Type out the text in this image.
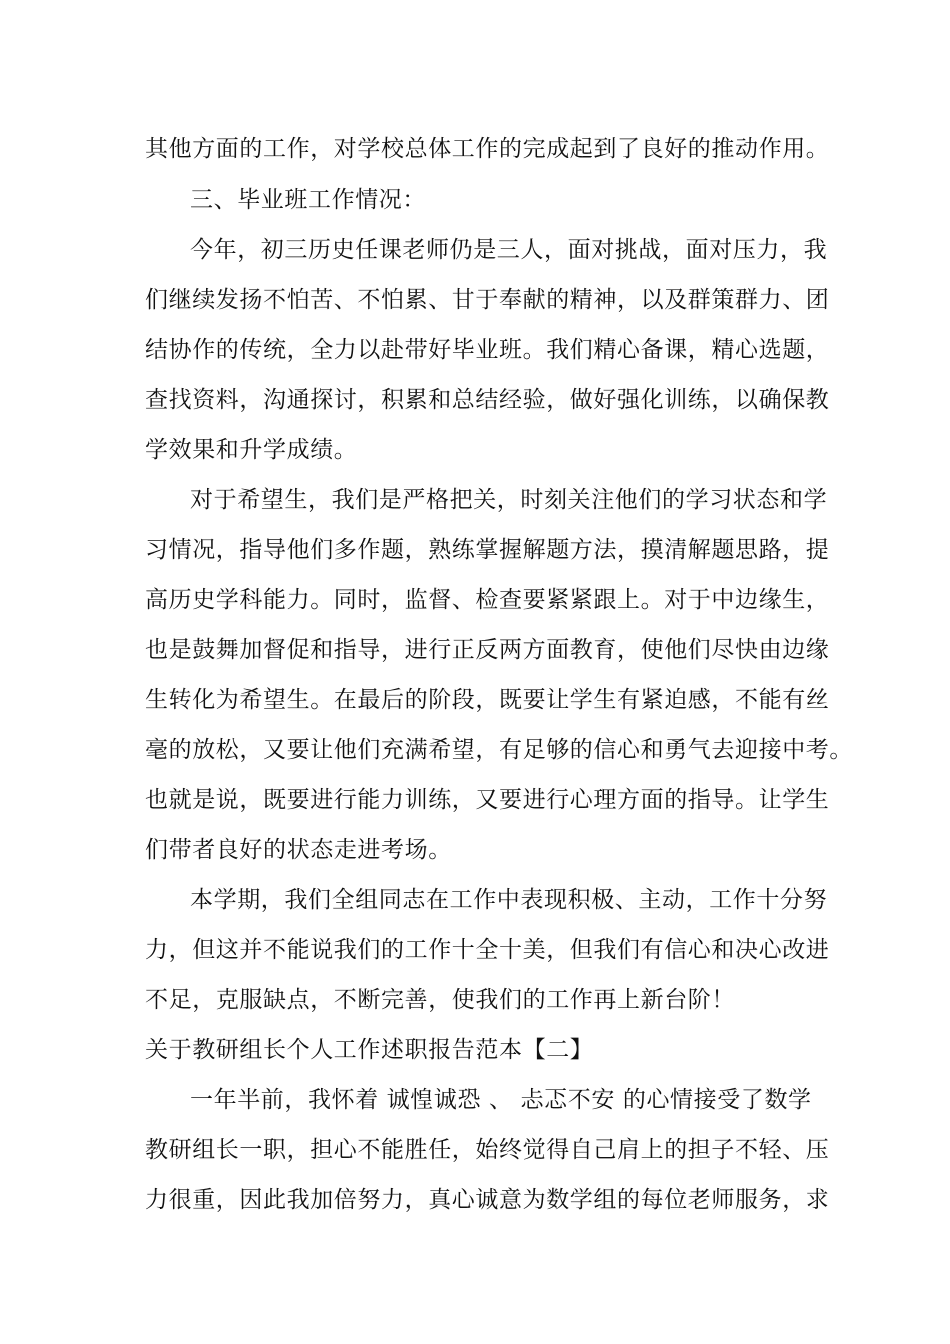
其他方面的工作，对学校总体工作的完成起到了良好的推动作用。
三、毕业班工作情况：
今年，初三历史任课老师仍是三人，面对挑战，面对压力，我
们继续发扬不怕苦、不怕累、甘于奉献的精神，以及群策群力、团
结协作的传统，全力以赴带好毕业班。我们精心备课，精心选题，
查找资料，沟通探讨，积累和总结经验，做好强化训练，以确保教
学效果和升学成绩。
对于希望生，我们是严格把关，时刻关注他们的学习状态和学
习情况，指导他们多作题，熟练掌握解题方法，摸清解题思路，提
高历史学科能力。同时，监督、检查要紧紧跟上。对于中边缘生，
也是鼓舞加督促和指导，进行正反两方面教育，使他们尽快由边缘
生转化为希望生。在最后的阶段，既要让学生有紧迫感，不能有丝
毫的放松，又要让他们充满希望，有足够的信心和勇气去迎接中考。
也就是说，既要进行能力训练，又要进行心理方面的指导。让学生
们带者良好的状态走进考场。
本学期，我们全组同志在工作中表现积极、主动，工作十分努
力，但这并不能说我们的工作十全十美，但我们有信心和决心改进
不足，克服缺点，不断完善，使我们的工作再上新台阶！
关于教研组长个人工作述职报告范本【二】
一年半前，我怀着 诚惶诚恐 、 忐忑不安 的心情接受了数学
教研组长一职，担心不能胜任，始终觉得自己肩上的担子不轻、压
力很重，因此我加倍努力，真心诚意为数学组的每位老师服务，求
